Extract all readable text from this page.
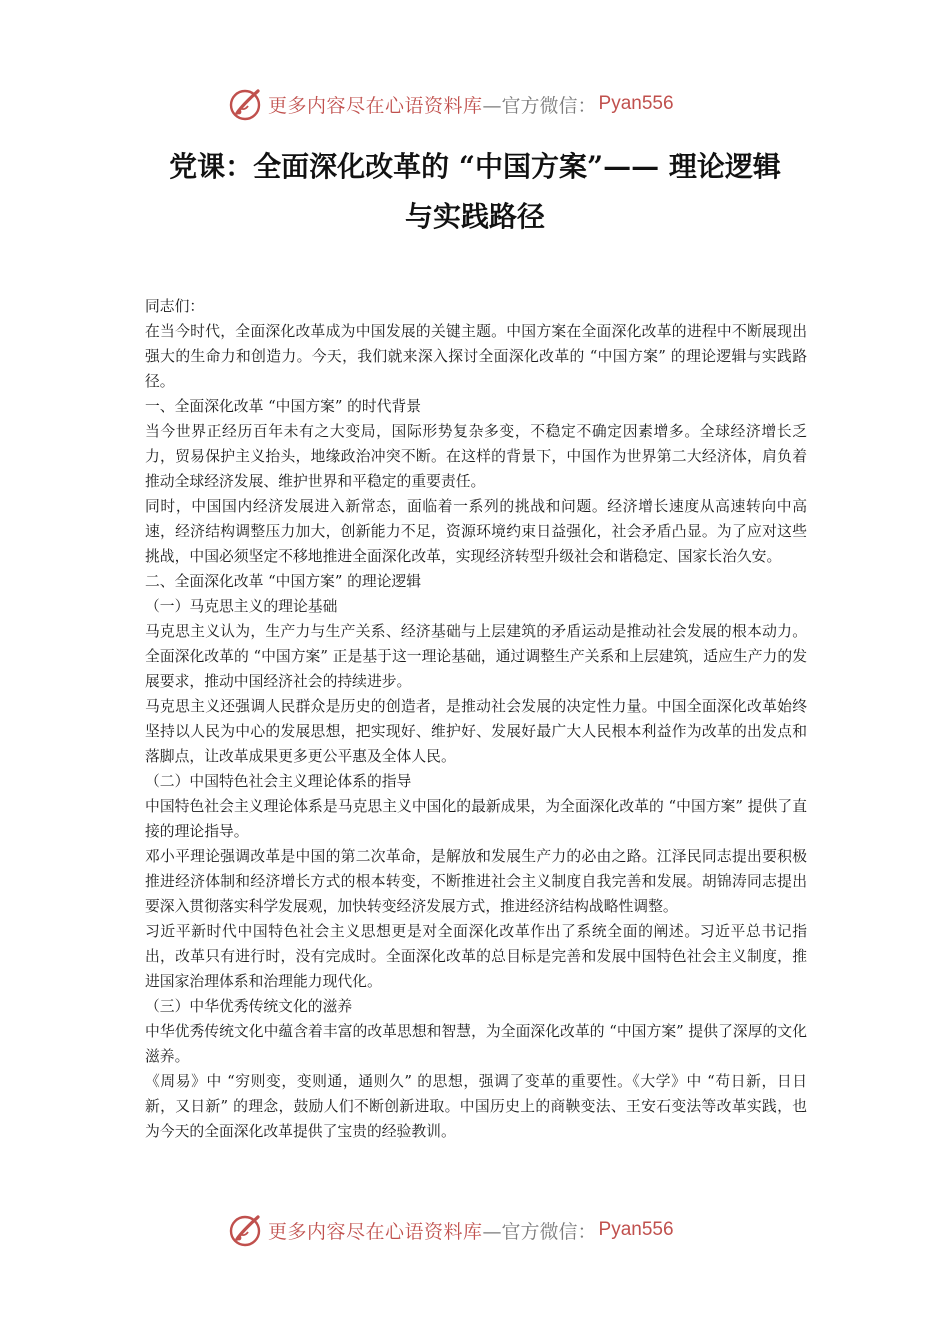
更多内容尽在心语资料库 —官方微信： Pyan556
党课：全面深化改革的 “中国方案”—— 理论逻辑
与实践路径

同志们：

在当今时代，全面深化改革成为中国发展的关键主题。中国方案在全面深化改革的进程中不断展现出强大的生命力和创造力。今天，我们就来深入探讨全面深化改革的 “中国方案” 的理论逻辑与实践路径。

一、全面深化改革 “中国方案” 的时代背景

当今世界正经历百年未有之大变局，国际形势复杂多变，不稳定不确定因素增多。全球经济增长乏力，贸易保护主义抬头，地缘政治冲突不断。在这样的背景下，中国作为世界第二大经济体，肩负着推动全球经济发展、维护世界和平稳定的重要责任。

同时，中国国内经济发展进入新常态，面临着一系列的挑战和问题。经济增长速度从高速转向中高速，经济结构调整压力加大，创新能力不足，资源环境约束日益强化，社会矛盾凸显。为了应对这些挑战，中国必须坚定不移地推进全面深化改革，实现经济转型升级社会和谐稳定、国家长治久安。

二、全面深化改革 “中国方案” 的理论逻辑

（一）马克思主义的理论基础

马克思主义认为，生产力与生产关系、经济基础与上层建筑的矛盾运动是推动社会发展的根本动力。全面深化改革的 “中国方案” 正是基于这一理论基础，通过调整生产关系和上层建筑，适应生产力的发展要求，推动中国经济社会的持续进步。

马克思主义还强调人民群众是历史的创造者，是推动社会发展的决定性力量。中国全面深化改革始终坚持以人民为中心的发展思想，把实现好、维护好、发展好最广大人民根本利益作为改革的出发点和落脚点，让改革成果更多更公平惠及全体人民。

（二）中国特色社会主义理论体系的指导

中国特色社会主义理论体系是马克思主义中国化的最新成果，为全面深化改革的 “中国方案” 提供了直接的理论指导。

邓小平理论强调改革是中国的第二次革命，是解放和发展生产力的必由之路。江泽民同志提出要积极推进经济体制和经济增长方式的根本转变，不断推进社会主义制度自我完善和发展。胡锦涛同志提出要深入贯彻落实科学发展观，加快转变经济发展方式，推进经济结构战略性调整。

习近平新时代中国特色社会主义思想更是对全面深化改革作出了系统全面的阐述。习近平总书记指出，改革只有进行时，没有完成时。全面深化改革的总目标是完善和发展中国特色社会主义制度，推进国家治理体系和治理能力现代化。

（三）中华优秀传统文化的滋养

中华优秀传统文化中蕴含着丰富的改革思想和智慧，为全面深化改革的 “中国方案” 提供了深厚的文化滋养。

《周易》中 “穷则变，变则通，通则久” 的思想，强调了变革的重要性。《大学》中 “苟日新，日日新，又日新” 的理念，鼓励人们不断创新进取。中国历史上的商鞅变法、王安石变法等改革实践，也为今天的全面深化改革提供了宝贵的经验教训。

更多内容尽在心语资料库 —官方微信： Pyan556
